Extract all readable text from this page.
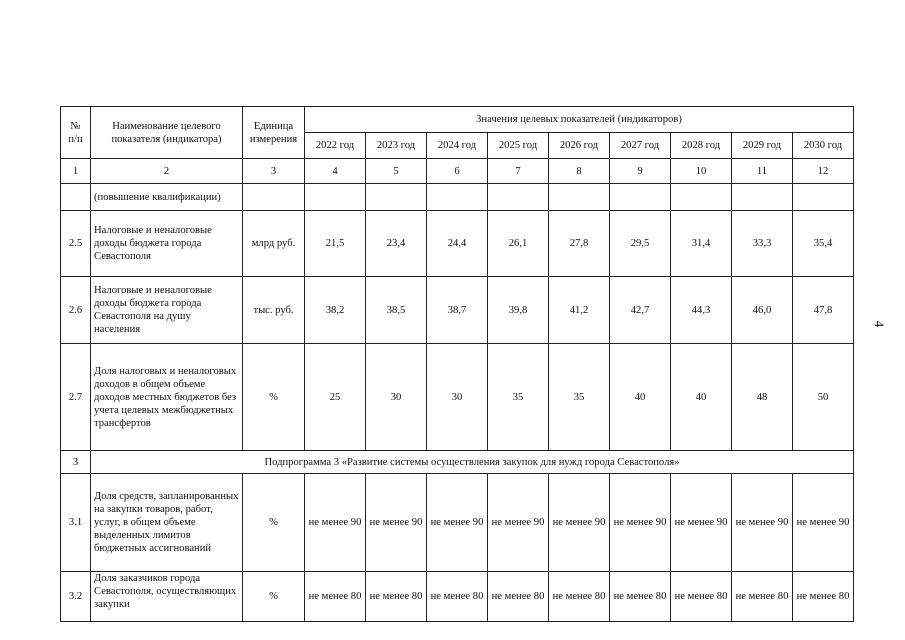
4
№
п/п	Наименование целевого показателя (индикатора)	Единица измерения	Значения целевых показателей (индикаторов)								
			2022 год	2023 год	2024 год	2025 год	2026 год	2027 год	2028 год	2029 год	2030 год
1	2	3	4	5	6	7	8	9	10	11	12
	(повышение квалификации)										
2.5	Налоговые и неналоговые доходы бюджета города Севастополя	млрд руб.	21,5	23,4	24,4	26,1	27,8	29,5	31,4	33,3	35,4
2.6	Налоговые и неналоговые доходы бюджета города Севастополя на душу населения	тыс. руб.	38,2	38,5	38,7	39,8	41,2	42,7	44,3	46,0	47,8
2.7	Доля налоговых и неналоговых доходов в общем объеме доходов местных бюджетов без учета целевых межбюджетных трансфертов	%	25	30	30	35	35	40	40	48	50
3	Подпрограмма 3 «Развитие системы осуществления закупок для нужд города Севастополя»										
3.1	Доля средств, запланированных на закупки товаров, работ, услуг, в общем объеме выделенных лимитов бюджетных ассигнований	%	не менее 90	не менее 90	не менее 90	не менее 90	не менее 90	не менее 90	не менее 90	не менее 90	не менее 90
3.2	Доля заказчиков города Севастополя, осуществляющих закупки	%	не менее 80	не менее 80	не менее 80	не менее 80	не менее 80	не менее 80	не менее 80	не менее 80	не менее 80
